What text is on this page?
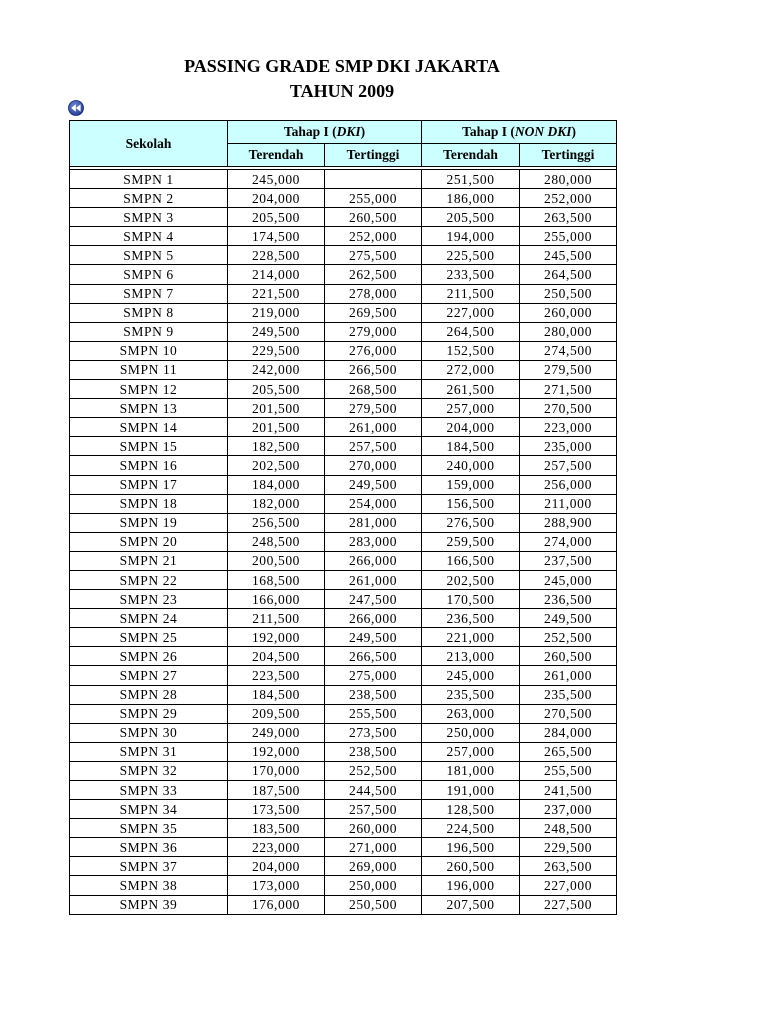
PASSING GRADE SMP DKI JAKARTA
TAHUN 2009
Sekolah	Tahap I (DKI)		Tahap I (NON DKI)	
	Terendah	Tertinggi	Terendah	Tertinggi

SMPN 1	245,000		251,500	280,000
SMPN 2	204,000	255,000	186,000	252,000
SMPN 3	205,500	260,500	205,500	263,500
SMPN 4	174,500	252,000	194,000	255,000
SMPN 5	228,500	275,500	225,500	245,500
SMPN 6	214,000	262,500	233,500	264,500
SMPN 7	221,500	278,000	211,500	250,500
SMPN 8	219,000	269,500	227,000	260,000
SMPN 9	249,500	279,000	264,500	280,000
SMPN 10	229,500	276,000	152,500	274,500
SMPN 11	242,000	266,500	272,000	279,500
SMPN 12	205,500	268,500	261,500	271,500
SMPN 13	201,500	279,500	257,000	270,500
SMPN 14	201,500	261,000	204,000	223,000
SMPN 15	182,500	257,500	184,500	235,000
SMPN 16	202,500	270,000	240,000	257,500
SMPN 17	184,000	249,500	159,000	256,000
SMPN 18	182,000	254,000	156,500	211,000
SMPN 19	256,500	281,000	276,500	288,900
SMPN 20	248,500	283,000	259,500	274,000
SMPN 21	200,500	266,000	166,500	237,500
SMPN 22	168,500	261,000	202,500	245,000
SMPN 23	166,000	247,500	170,500	236,500
SMPN 24	211,500	266,000	236,500	249,500
SMPN 25	192,000	249,500	221,000	252,500
SMPN 26	204,500	266,500	213,000	260,500
SMPN 27	223,500	275,000	245,000	261,000
SMPN 28	184,500	238,500	235,500	235,500
SMPN 29	209,500	255,500	263,000	270,500
SMPN 30	249,000	273,500	250,000	284,000
SMPN 31	192,000	238,500	257,000	265,500
SMPN 32	170,000	252,500	181,000	255,500
SMPN 33	187,500	244,500	191,000	241,500
SMPN 34	173,500	257,500	128,500	237,000
SMPN 35	183,500	260,000	224,500	248,500
SMPN 36	223,000	271,000	196,500	229,500
SMPN 37	204,000	269,000	260,500	263,500
SMPN 38	173,000	250,000	196,000	227,000
SMPN 39	176,000	250,500	207,500	227,500
